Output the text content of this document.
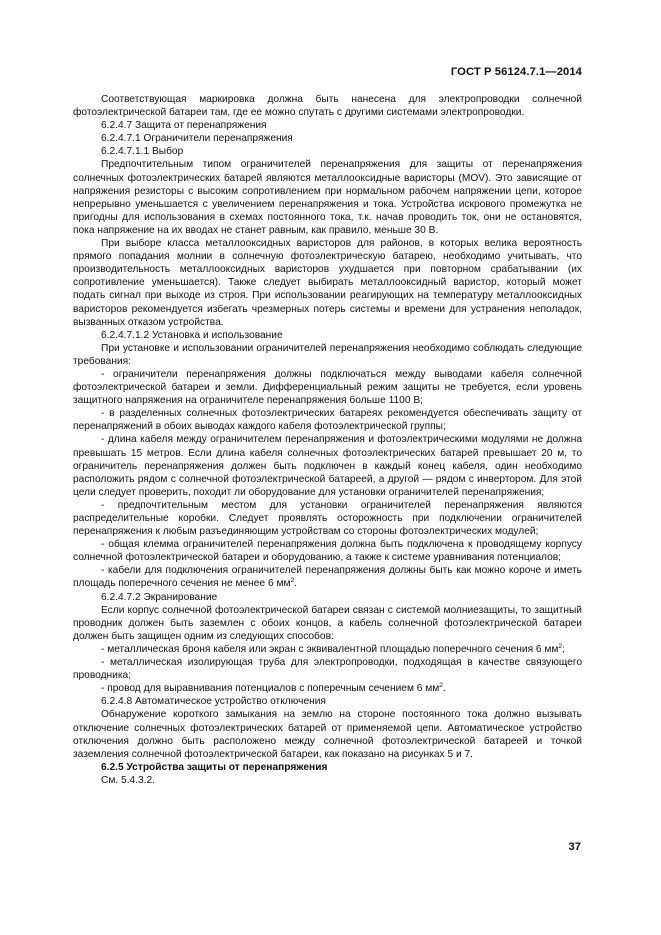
ГОСТ Р 56124.7.1—2014

Соответствующая маркировка должна быть нанесена для электропроводки солнечной фотоэлектрической батареи там, где ее можно спутать с другими системами электропроводки.

6.2.4.7 Защита от перенапряжения

6.2.4.7.1 Ограничители перенапряжения

6.2.4.7.1.1 Выбор

Предпочтительным типом ограничителей перенапряжения для защиты от перенапряжения солнечных фотоэлектрических батарей являются металлооксидные варисторы (MOV). Это зависящие от напряжения резисторы с высоким сопротивлением при нормальном рабочем напряжении цепи, которое непрерывно уменьшается с увеличением перенапряжения и тока. Устройства искрового промежутка не пригодны для использования в схемах постоянного тока, т.к. начав проводить ток, они не остановятся, пока напряжение на их вводах не станет равным, как правило, меньше 30 В.

При выборе класса металлооксидных варисторов для районов, в которых велика вероятность прямого попадания молнии в солнечную фотоэлектрическую батарею, необходимо учитывать, что производительность металлооксидных варисторов ухудшается при повторном срабатывании (их сопротивление уменьшается). Также следует выбирать металлооксидный варистор, который может подать сигнал при выходе из строя. При использовании реагирующих на температуру металлооксидных варисторов рекомендуется избегать чрезмерных потерь системы и времени для устранения неполадок, вызванных отказом устройства.

6.2.4.7.1.2 Установка и использование

При установке и использовании ограничителей перенапряжения необходимо соблюдать следующие требования:

- ограничители перенапряжения должны подключаться между выводами кабеля солнечной фотоэлектрической батареи и земли. Дифференциальный режим защиты не требуется, если уровень защитного напряжения на ограничителе перенапряжения больше 1100 В;

- в разделенных солнечных фотоэлектрических батареях рекомендуется обеспечивать защиту от перенапряжений в обоих выводах каждого кабеля фотоэлектрической группы;

- длина кабеля между ограничителем перенапряжения и фотоэлектрическими модулями не должна превышать 15 метров. Если длина кабеля солнечных фотоэлектрических батарей превышает 20 м, то ограничитель перенапряжения должен быть подключен в каждый конец кабеля, один необходимо расположить рядом с солнечной фотоэлектрической батареей, а другой — рядом с инвертором. Для этой цели следует проверить, походит ли оборудование для установки ограничителей перенапряжения;

- предпочтительным местом для установки ограничителей перенапряжения являются распределительные коробки. Следует проявлять осторожность при подключении ограничителей перенапряжения к любым разъединяющим устройствам со стороны фотоэлектрических модулей;

- общая клемма ограничителей перенапряжения должна быть подключена к проводящему корпусу солнечной фотоэлектрической батареи и оборудованию, а также к системе уравнивания потенциалов;

- кабели для подключения ограничителей перенапряжения должны быть как можно короче и иметь площадь поперечного сечения не менее 6 $мм^2$.

6.2.4.7.2 Экранирование

Если корпус солнечной фотоэлектрической батареи связан с системой молниезащиты, то защитный проводник должен быть заземлен с обоих концов, а кабель солнечной фотоэлектрической батареи должен быть защищен одним из следующих способов:

- металлическая броня кабеля или экран с эквивалентной площадью поперечного сечения 6 $мм^2$;

- металлическая изолирующая труба для электропроводки, подходящая в качестве связующего проводника;

- провод для выравнивания потенциалов с поперечным сечением 6 $мм^2$.

6.2.4.8 Автоматическое устройство отключения

Обнаружение короткого замыкания на землю на стороне постоянного тока должно вызывать отключение солнечных фотоэлектрических батарей от применяемой цепи. Автоматическое устройство отключения должно быть расположено между солнечной фотоэлектрической батареей и точкой заземления солнечной фотоэлектрической батареи, как показано на рисунках 5 и 7.

6.2.5 Устройства защиты от перенапряжения

См. 5.4.3.2.

37
